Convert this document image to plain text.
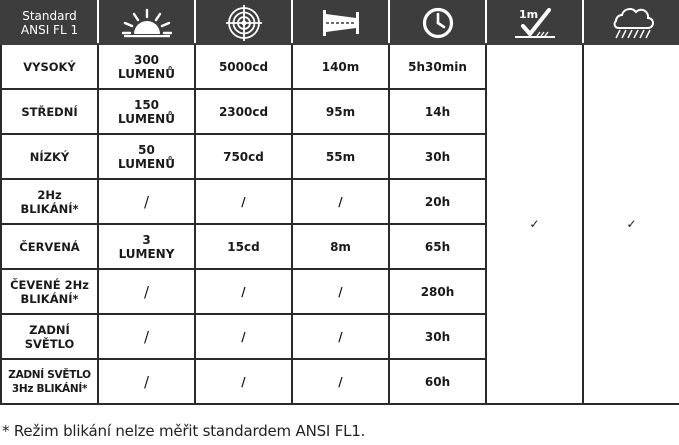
Standard
ANSI FL 1					1m

VYSOKÝ	300
LUMENŮ	5000cd	140m	5h30min	✓	✓

STŘEDNÍ	150
LUMENŮ	2300cd	95m	14h		

NÍZKÝ	50
LUMENŮ	750cd	55m	30h		

2Hz
BLIKÁNÍ*	/	/	/	20h		

ČERVENÁ	3
LUMENY	15cd	8m	65h		

ČEVENÉ 2Hz
BLIKÁNÍ*	/	/	/	280h		

ZADNÍ
SVĚTLO	/	/	/	30h		

ZADNÍ SVĚTLO
3Hz BLIKÁNÍ*	/	/	/	60h		
* Režim blikání nelze měřit standardem ANSI FL1.
